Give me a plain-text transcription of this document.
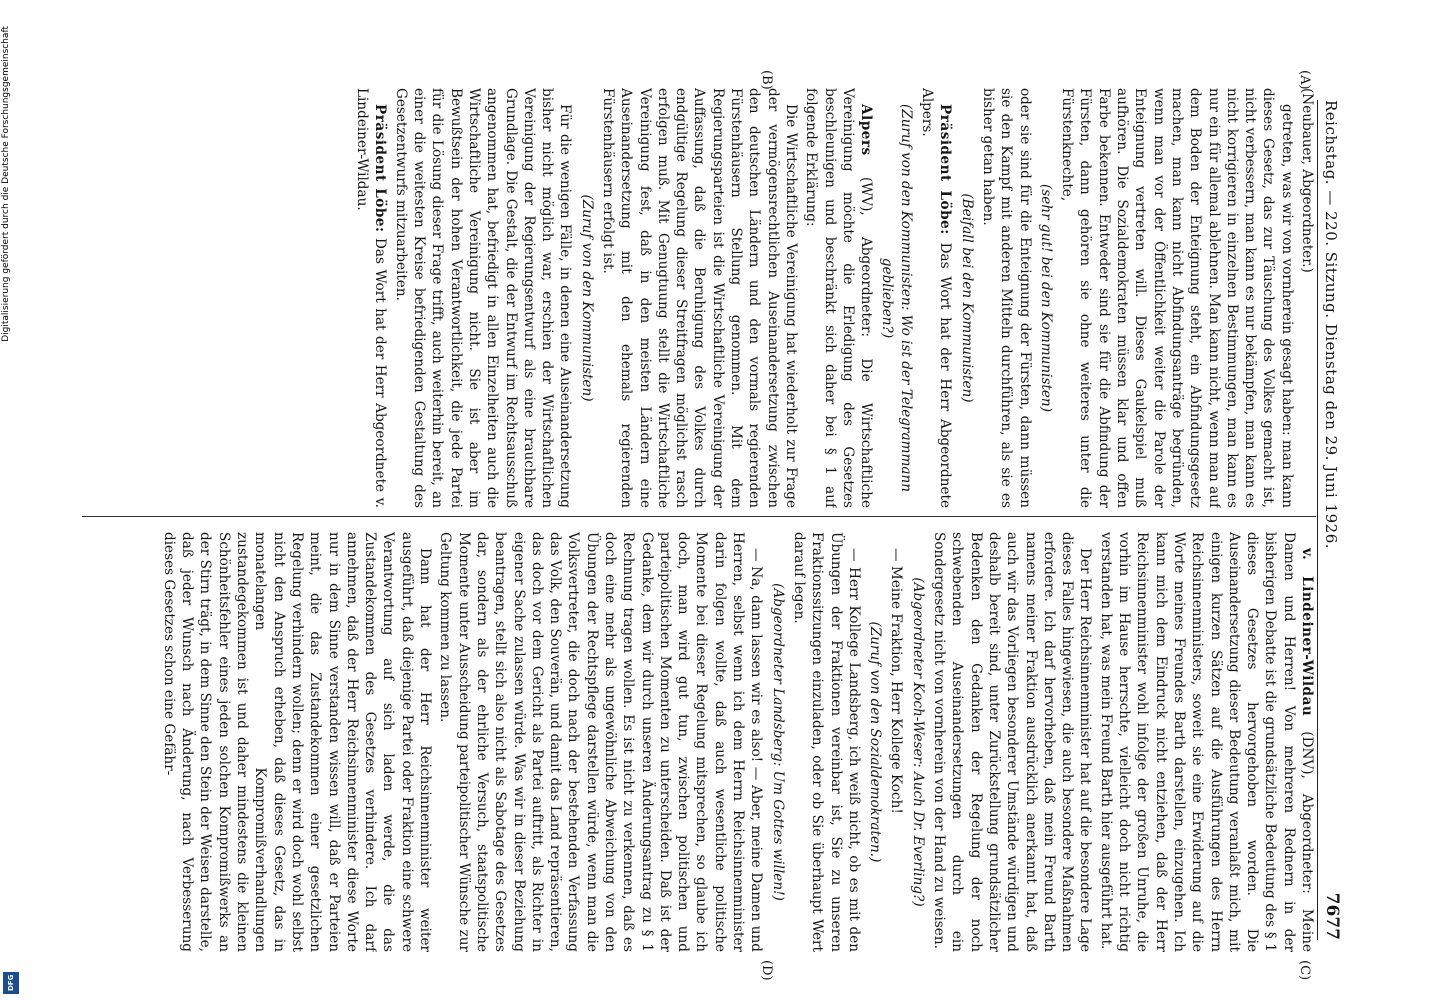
Reichstag. — 220. Sitzung. Dienstag den 29. Juni 1926.
7677
(A)
(B)
(C)
(D)

(Neubauer, Abgeordneter.)

getreten, was wir von vornherein gesagt haben: man kann dieses Gesetz, das zur Täuschung des Volkes gemacht ist, nicht verbessern, man kann es nur bekämpfen, man kann es nicht korrigieren in einzelnen Bestimmungen, man kann es nur ein für allemal ablehnen. Man kann nicht, wenn man auf dem Boden der Enteignung steht, ein Abfindungsgesetz machen, man kann nicht Abfindungsanträge begründen, wenn man vor der Öffentlichkeit weiter die Parole der Enteignung vertreten will. Dieses Gaukelspiel muß aufhören. Die Sozialdemokraten müssen klar und offen Farbe bekennen. Entweder sind sie für die Abfindung der Fürsten, dann gehören sie ohne weiteres unter die Fürstenknechte,

(sehr gut! bei den Kommunisten)

oder sie sind für die Enteignung der Fürsten, dann müssen sie den Kampf mit anderen Mitteln durchführen, als sie es bisher getan haben.

(Beifall bei den Kommunisten)

Präsident Löbe: Das Wort hat der Herr Abgeordnete Alpers.

(Zuruf von den Kommunisten: Wo ist der Telegrammann geblieben?)

Alpers (WV), Abgeordneter: Die Wirtschaftliche Vereinigung möchte die Erledigung des Gesetzes beschleunigen und beschränkt sich daher bei § 1 auf folgende Erklärung:

Die Wirtschaftliche Vereinigung hat wiederholt zur Frage der vermögensrechtlichen Auseinandersetzung zwischen den deutschen Ländern und den vormals regierenden Fürstenhäusern Stellung genommen. Mit dem Regierungsparteien ist die Wirtschaftliche Vereinigung der Auffassung, daß die Beruhigung des Volkes durch endgültige Regelung dieser Streitfragen möglichst rasch erfolgen muß. Mit Genugtuung stellt die Wirtschaftliche Vereinigung fest, daß in den meisten Ländern eine Auseinandersetzung mit den ehemals regierenden Fürstenhäusern erfolgt ist.

(Zuruf von den Kommunisten)

Für die wenigen Fälle, in denen eine Auseinandersetzung bisher nicht möglich war, erschien der Wirtschaftlichen Vereinigung der Regierungsentwurf als eine brauchbare Grundlage. Die Gestalt, die der Entwurf im Rechtsausschuß angenommen hat, befriedigt in allen Einzelheiten auch die Wirtschaftliche Vereinigung nicht. Sie ist aber im Bewußtsein der hohen Verantwortlichkeit, die jede Partei für die Lösung dieser Frage trifft, auch weiterhin bereit, an einer die weitesten Kreise befriedigenden Gestaltung des Gesetzentwurfs mitzuarbeiten.

Präsident Löbe: Das Wort hat der Herr Abgeordnete v. Lindeiner-Wildau.

v. Lindeiner-Wildau (DNV), Abgeordneter: Meine Damen und Herren! Von mehreren Rednern in der bisherigen Debatte ist die grundsätzliche Bedeutung des § 1 dieses Gesetzes hervorgehoben worden. Die Auseinandersetzung dieser Bedeutung veranlaßt mich, mit einigen kurzen Sätzen auf die Ausführungen des Herrn Reichsinnenministers, soweit sie eine Erwiderung auf die Worte meines Freundes Barth darstellen, einzugehen. Ich kann mich dem Eindruck nicht entziehen, daß der Herr Reichsinnenminister wohl infolge der großen Unruhe, die vorhin im Hause herrschte, vielleicht doch nicht richtig verstanden hat, was mein Freund Barth hier ausgeführt hat.

Der Herr Reichsinnenminister hat auf die besondere Lage dieses Falles hingewiesen, die auch besondere Maßnahmen erfordere. Ich darf hervorheben, daß mein Freund Barth namens meiner Fraktion ausdrücklich anerkannt hat, daß auch wir das Vorliegen besonderer Umstände würdigen und deshalb bereit sind, unter Zurückstellung grundsätzlicher Bedenken den Gedanken der Regelung der noch schwebenden Auseinandersetzungen durch ein Sondergesetz nicht von vornherein von der Hand zu weisen.

(Abgeordneter Koch-Weser: Auch Dr. Everling?)

— Meine Fraktion, Herr Kollege Koch!

(Zuruf von den Sozialdemokraten.)

— Herr Kollege Landsberg, ich weiß nicht, ob es mit den Übungen der Fraktionen vereinbar ist, Sie zu unseren Fraktionssitzungen einzuladen, oder ob Sie überhaupt Wert darauf legen.

(Abgeordneter Landsberg: Um Gottes willen!)

— Na, dann lassen wir es also! — Aber, meine Damen und Herren, selbst wenn ich dem Herrn Reichsinnenminister darin folgen wollte, daß auch wesentliche politische Momente bei dieser Regelung mitsprechen, so glaube ich doch, man wird gut tun, zwischen politischen und parteipolitischen Momenten zu unterscheiden. Daß ist der Gedanke, dem wir durch unseren Änderungsantrag zu § 1 Rechnung tragen wollen. Es ist nicht zu verkennen, daß es doch eine mehr als ungewöhnliche Abweichung von den Übungen der Rechtspflege darstellen würde, wenn man die Volksvertreter, die doch nach der bestehenden Verfassung das Volk, den Souverän, und damit das Land repräsentieren, das doch vor dem Gericht als Partei auftritt, als Richter in eigener Sache zulassen würde. Was wir in dieser Beziehung beantragen, stellt sich also nicht als Sabotage des Gesetzes dar, sondern als der ehrliche Versuch, staatspolitische Momente unter Ausscheidung parteipolitischer Wünsche zur Geltung kommen zu lassen.

Dann hat der Herr Reichsinnenminister weiter ausgeführt, daß diejenige Partei oder Fraktion eine schwere Verantwortung auf sich laden werde, die das Zustandekommen des Gesetzes verhindere. Ich darf annehmen, daß der Herr Reichsinnenminister diese Worte nur in dem Sinne verstanden wissen will, daß er Parteien meint, die das Zustandekommen einer gesetzlichen Regelung verhindern wollen; denn er wird doch wohl selbst nicht den Anspruch erheben, daß dieses Gesetz, das in monatelangen Kompromißverhandlungen zustandegekommen ist und daher mindestens die kleinen Schönheitsfehler eines jeden solchen Kompromißwerks an der Stirn trägt, in dem Sinne den Stein der Weisen darstelle, daß jeder Wunsch nach Änderung, nach Verbesserung dieses Gesetzes schon eine Gefähr-

Digitalisierung gefördert durch die Deutsche Forschungsgemeinschaft
DFG
